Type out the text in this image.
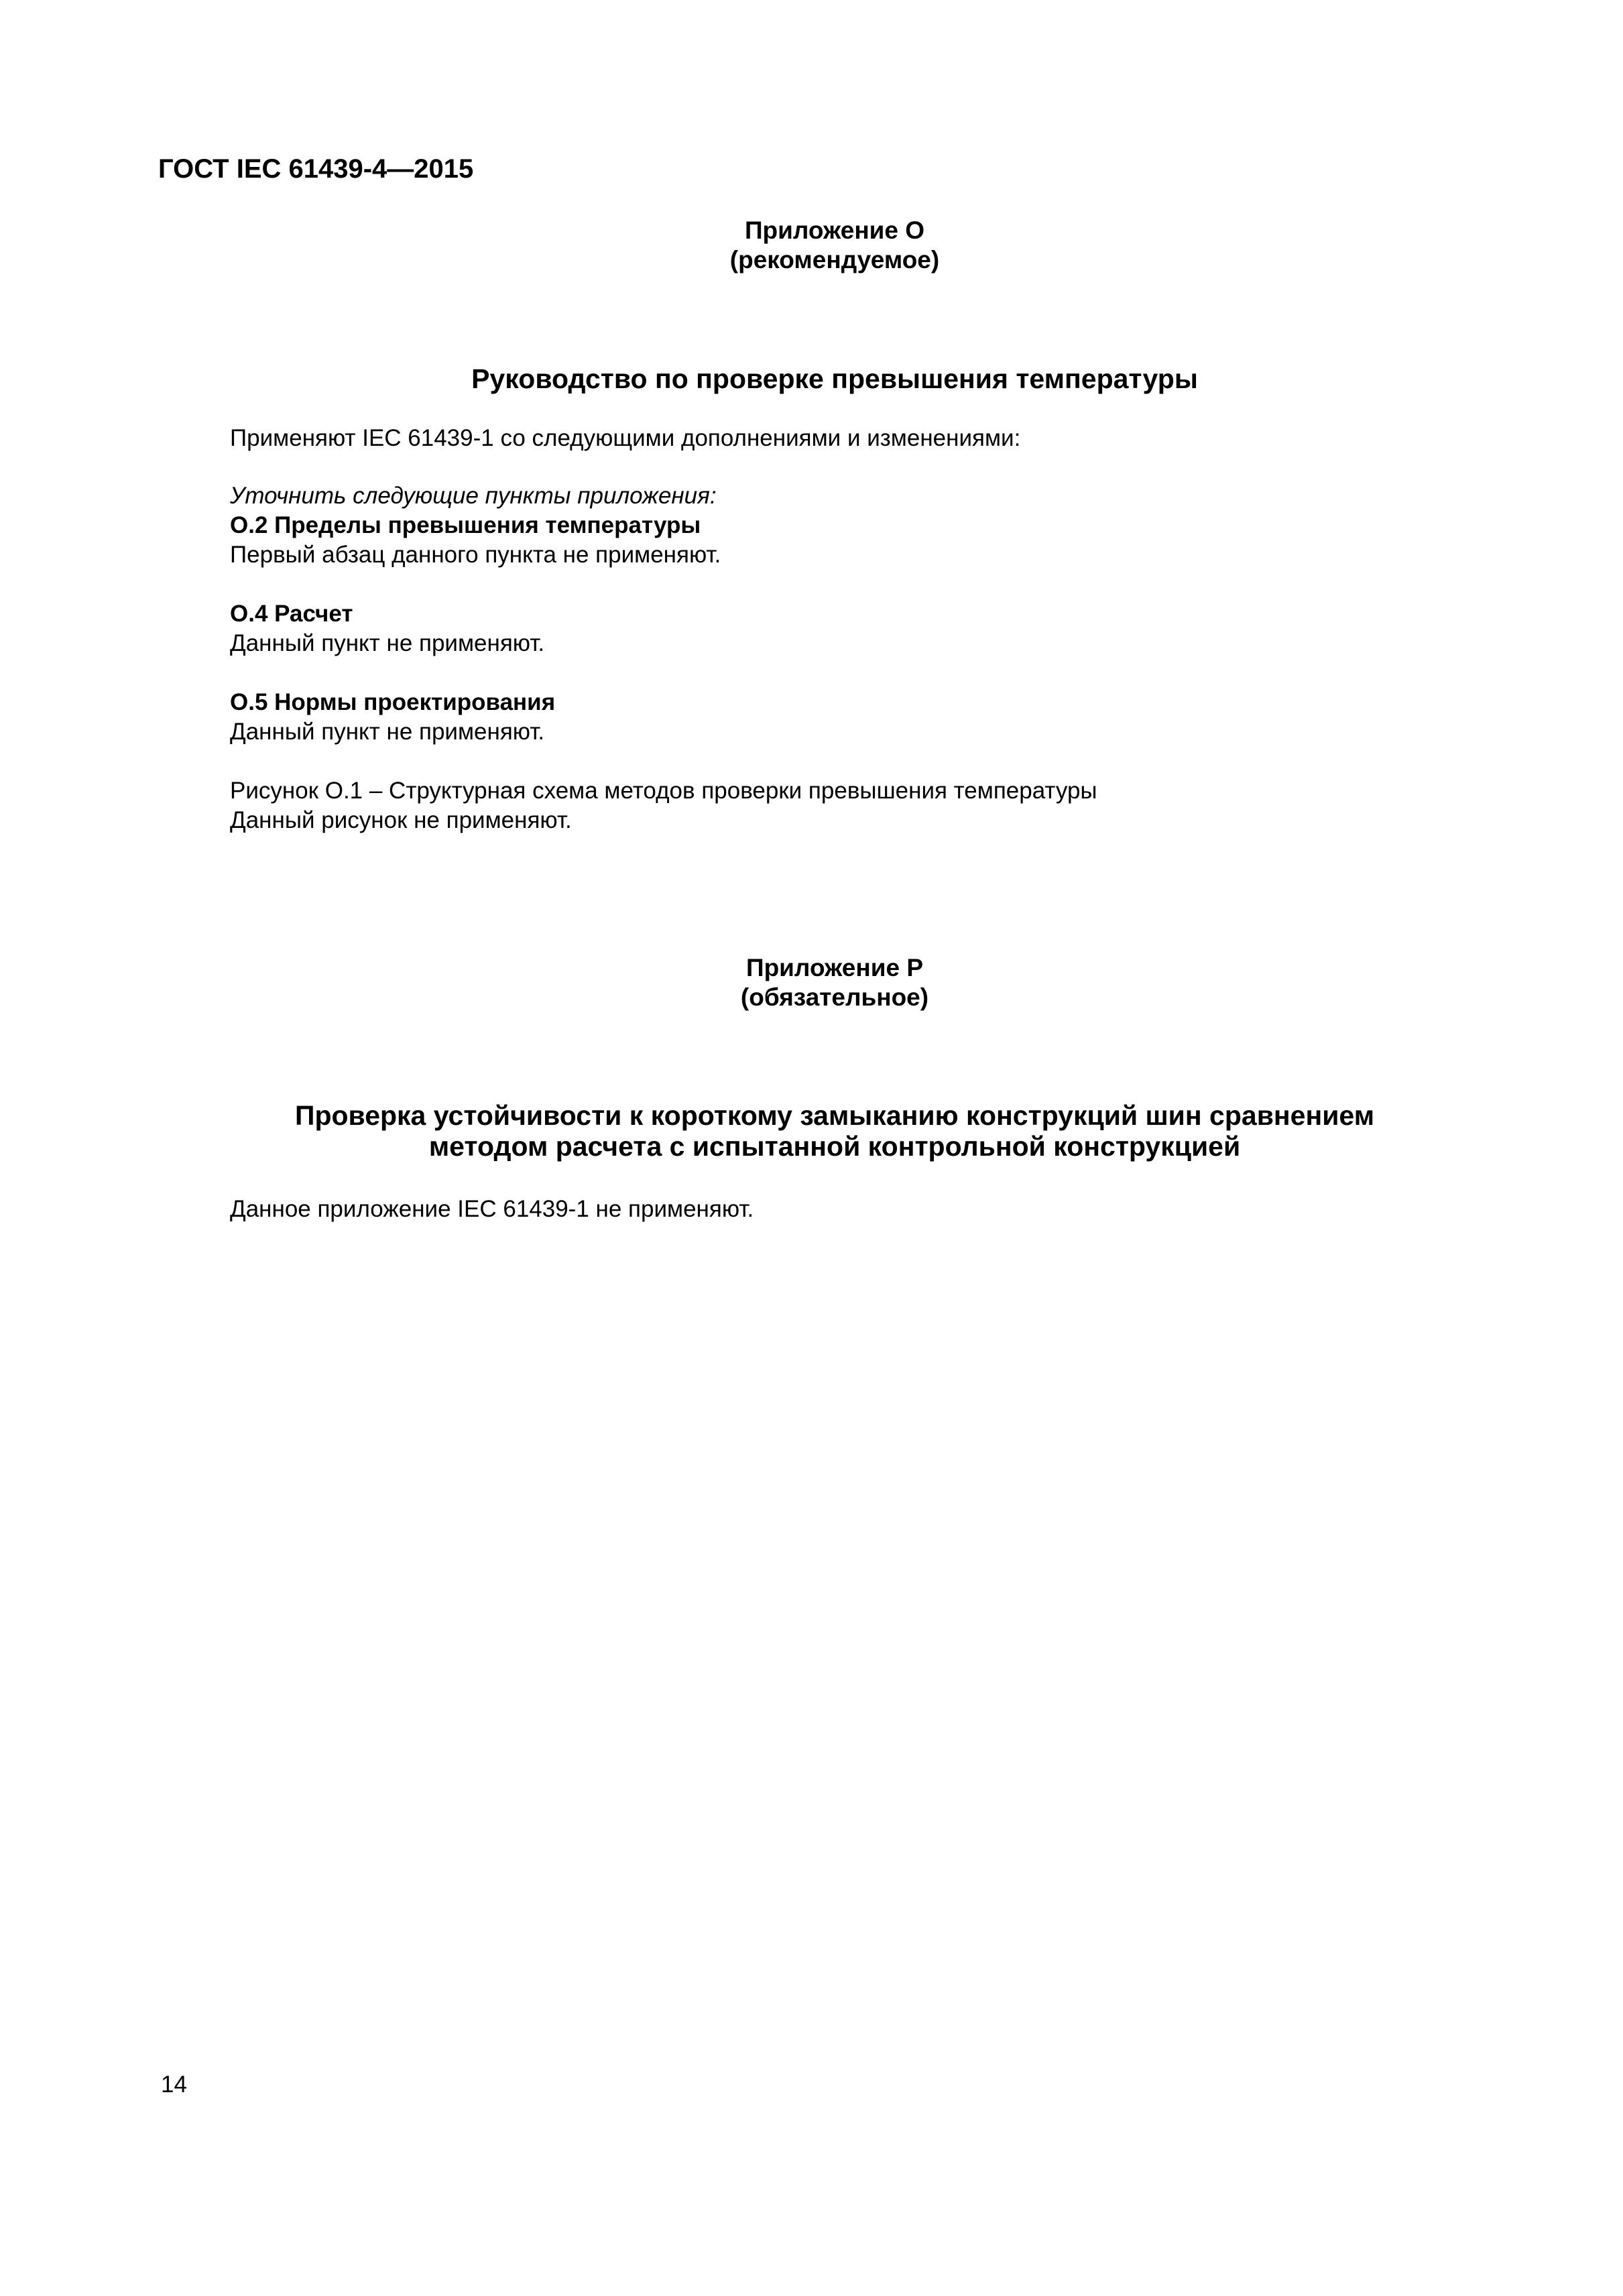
ГОСТ IEC 61439-4—2015
Приложение O
(рекомендуемое)
Руководство по проверке превышения температуры
Применяют IEC 61439-1 со следующими дополнениями и изменениями:
Уточнить следующие пункты приложения:
O.2 Пределы превышения температуры
Первый абзац данного пункта не применяют.
O.4 Расчет
Данный пункт не применяют.
O.5 Нормы проектирования
Данный пункт не применяют.
Рисунок O.1 – Структурная схема методов проверки превышения температуры
Данный рисунок не применяют.
Приложение P
(обязательное)
Проверка устойчивости к короткому замыканию конструкций шин сравнением
методом расчета с испытанной контрольной конструкцией
Данное приложение IEC 61439-1 не применяют.
14
